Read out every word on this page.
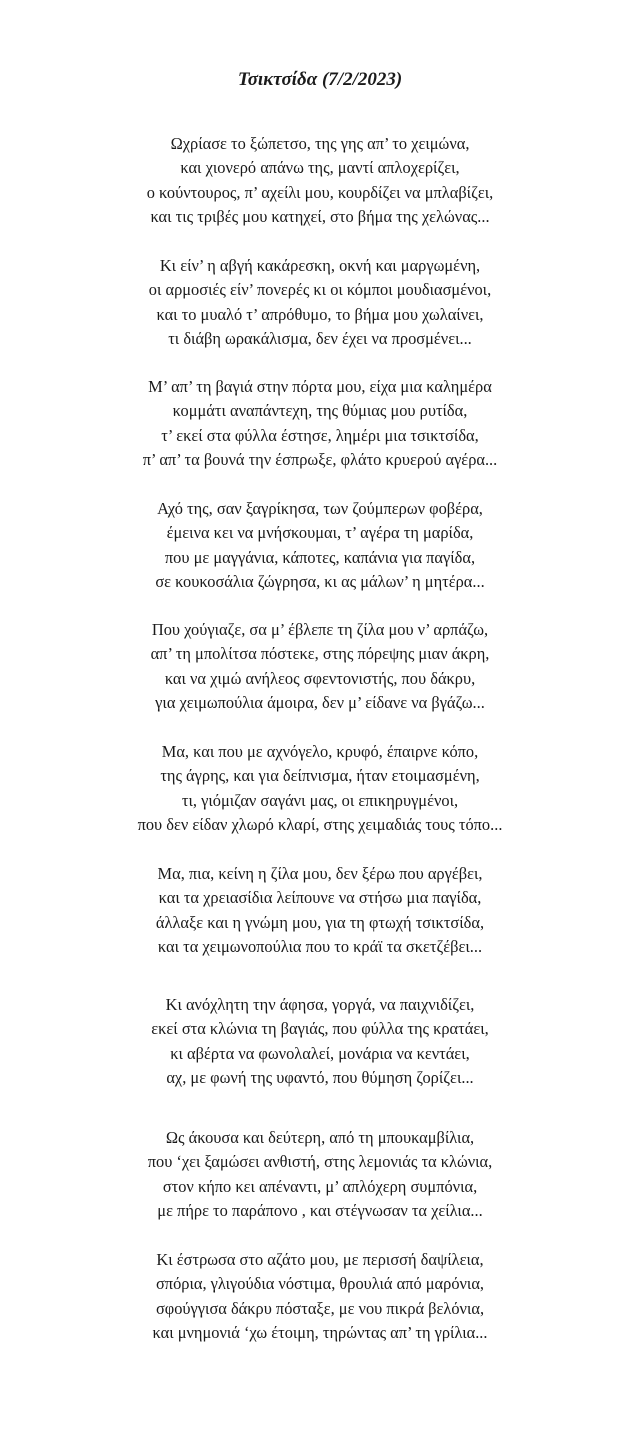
Τσικτσίδα (7/2/2023)
Ωχρίασε το ξώπετσο, της γης απ’ το χειμώνα,
και χιονερό απάνω της, μαντί απλοχερίζει,
ο κούντουρος, π’ αχείλι μου, κουρδίζει να μπλαβίζει,
και τις τριβές μου κατηχεί, στο βήμα της χελώνας...
Κι είν’ η αβγή κακάρεσκη, οκνή και μαργωμένη,
οι αρμοσιές είν’ πονερές κι οι κόμποι μουδιασμένοι,
και το μυαλό τ’ απρόθυμο, το βήμα μου χωλαίνει,
τι διάβη ωρακάλισμα, δεν έχει να προσμένει...
Μ’ απ’ τη βαγιά στην πόρτα μου, είχα μια καλημέρα
κομμάτι αναπάντεχη, της θύμιας μου ρυτίδα,
τ’ εκεί στα φύλλα έστησε, λημέρι μια τσικτσίδα,
π’ απ’ τα βουνά την έσπρωξε, φλάτο κρυερού αγέρα...
Αχό της, σαν ξαγρίκησα, των ζούμπερων φοβέρα,
έμεινα κει να μνήσκουμαι, τ’ αγέρα τη μαρίδα,
που με μαγγάνια, κάποτες, καπάνια για παγίδα,
σε κουκοσάλια ζώγρησα, κι ας μάλων’ η μητέρα...
Που χούγιαζε, σα μ’ έβλεπε τη ζίλα μου ν’ αρπάζω,
απ’ τη μπολίτσα πόστεκε, στης πόρεψης μιαν άκρη,
και να χιμώ ανήλεος σφεντονιστής, που δάκρυ,
για χειμωπούλια άμοιρα, δεν μ’ είδανε να βγάζω...
Μα, και που με αχνόγελο, κρυφό, έπαιρνε κόπο,
της άγρης, και για δείπνισμα, ήταν ετοιμασμένη,
τι, γιόμιζαν σαγάνι μας, οι επικηρυγμένοι,
που δεν είδαν χλωρό κλαρί, στης χειμαδιάς τους τόπο...
Μα, πια, κείνη η ζίλα μου, δεν ξέρω που αργέβει,
και τα χρειασίδια λείπουνε να στήσω μια παγίδα,
άλλαξε και η γνώμη μου, για τη φτωχή τσικτσίδα,
και τα χειμωνοπούλια που το κράϊ τα σκετζέβει...
Κι ανόχλητη την άφησα, γοργά, να παιχνιδίζει,
εκεί στα κλώνια τη βαγιάς, που φύλλα της κρατάει,
κι αβέρτα να φωνολαλεί, μονάρια να κεντάει,
αχ, με φωνή της υφαντό, που θύμηση ζορίζει...
Ως άκουσα και δεύτερη, από τη μπουκαμβίλια,
που ‘χει ξαμώσει ανθιστή, στης λεμονιάς τα κλώνια,
στον κήπο κει απέναντι, μ’ απλόχερη συμπόνια,
με πήρε το παράπονο , και στέγνωσαν τα χείλια...
Κι έστρωσα στο αζάτο μου, με περισσή δαψίλεια,
σπόρια, γλιγούδια νόστιμα, θρουλιά από μαρόνια,
σφούγγισα δάκρυ πόσταξε, με νου πικρά βελόνια,
και μνημονιά ‘χω έτοιμη, τηρώντας απ’ τη γρίλια...
